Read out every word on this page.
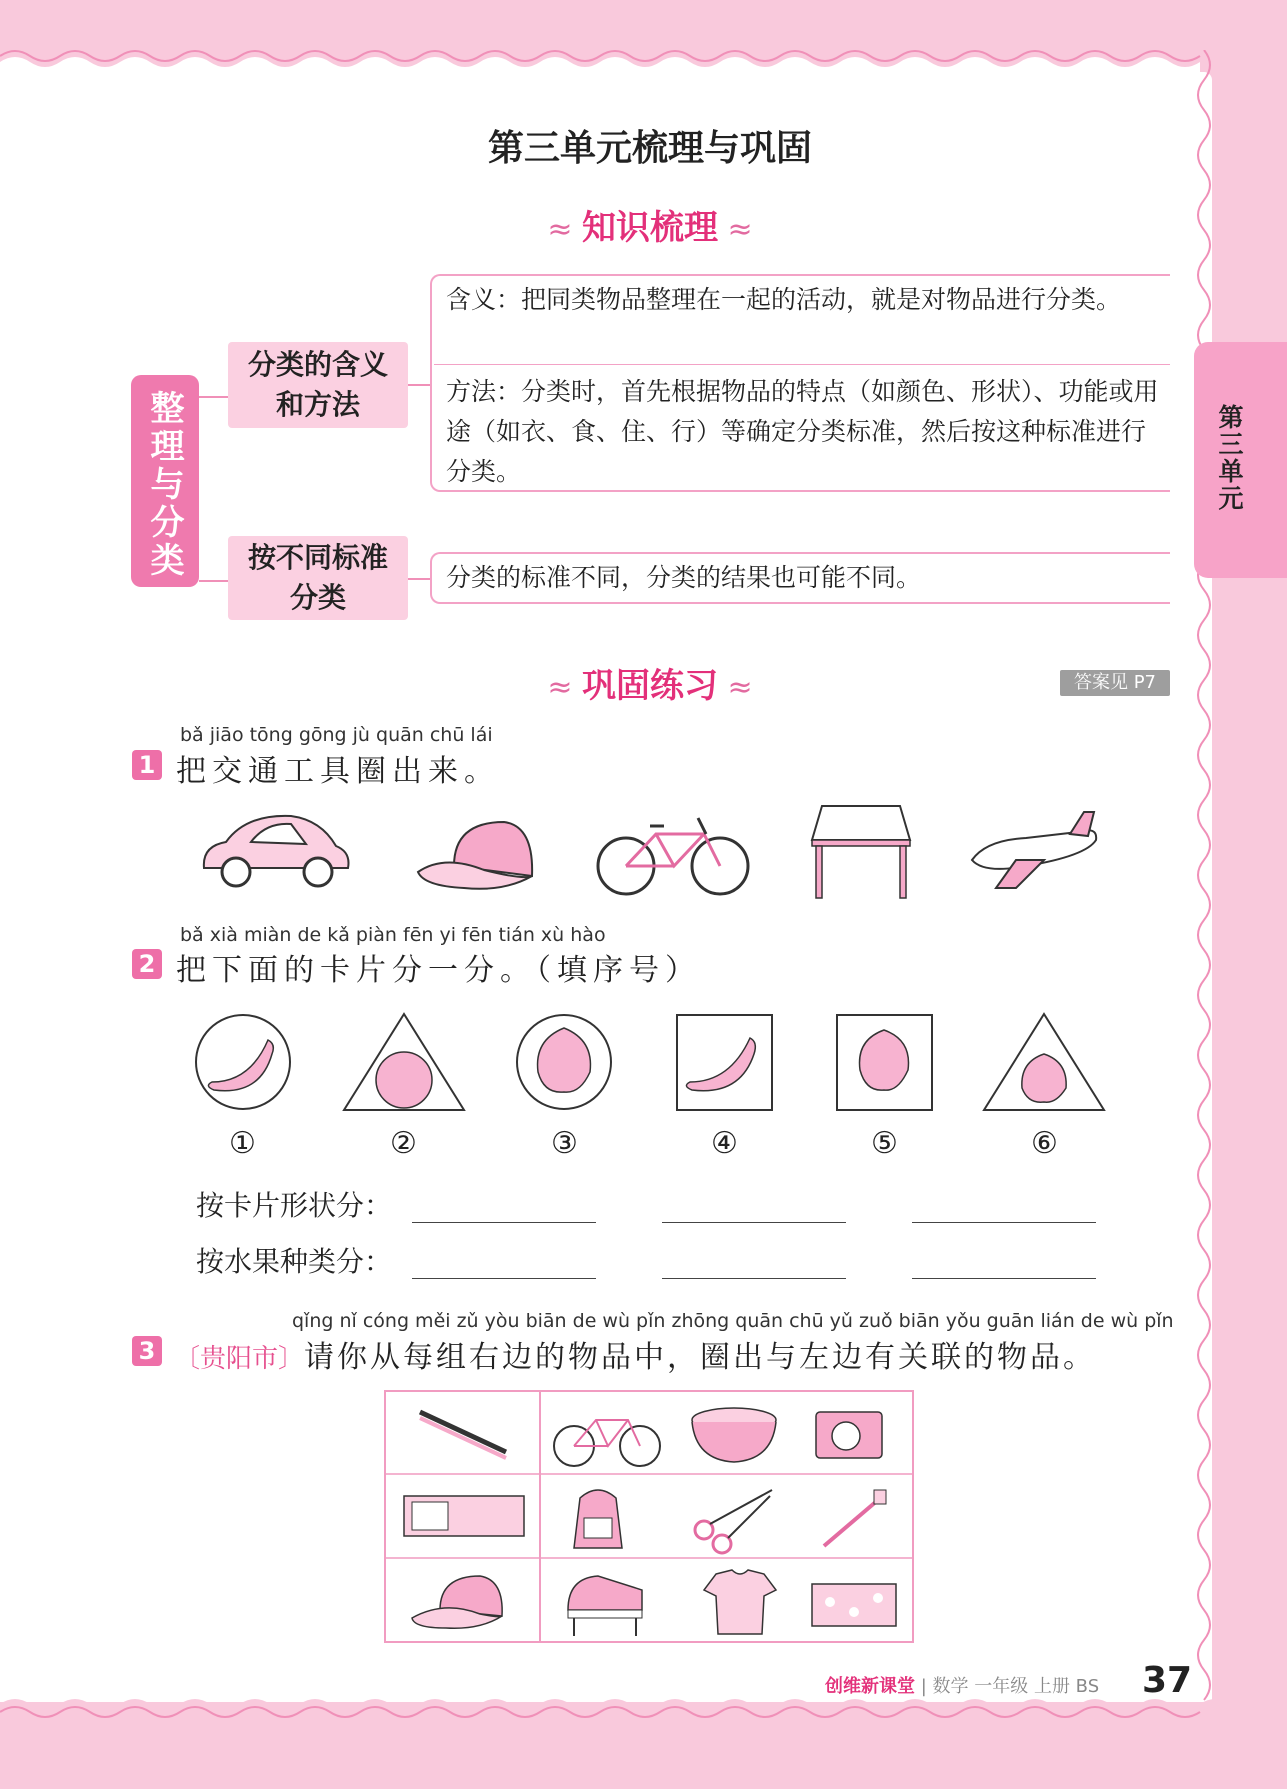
第三单元
第三单元梳理与巩固
≈ 知识梳理 ≈
整理与分类
分类的含义和方法
按不同标准分类
含义：把同类物品整理在一起的活动，就是对物品进行分类。
方法：分类时，首先根据物品的特点（如颜色、形状）、功能或用途（如衣、食、住、行）等确定分类标准，然后按这种标准进行分类。
分类的标准不同，分类的结果也可能不同。
≈ 巩固练习 ≈	答案见 P7
bǎ jiāo tōng gōng jù quān chū lái
1 把交通工具圈出来。
bǎ xià miàn de kǎ piàn fēn yi fēn tián xù hào
2 把下面的卡片分一分。（填序号）
①	②	③	④	⑤	⑥
按卡片形状分：
按水果种类分：
qǐng nǐ cóng měi zǔ yòu biān de wù pǐn zhōng quān chū yǔ zuǒ biān yǒu guān lián de wù pǐn
3 〔贵阳市〕请你从每组右边的物品中，圈出与左边有关联的物品。
创维新课堂 | 数学 一年级 上册 BS 37
